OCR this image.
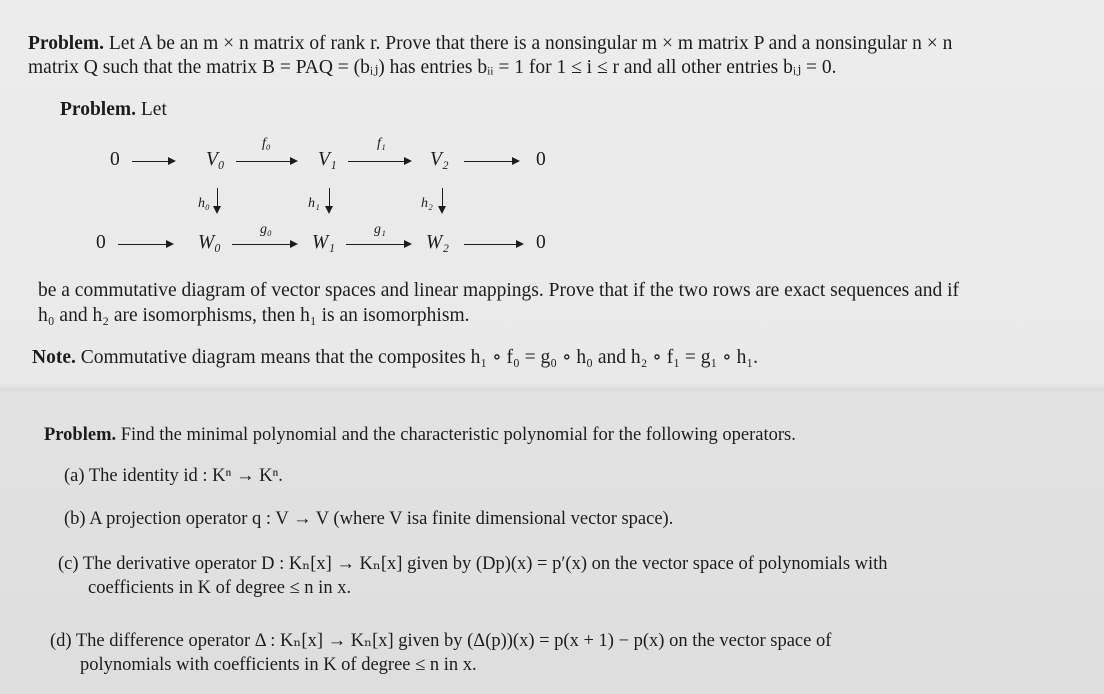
Problem. Let A be an m × n matrix of rank r. Prove that there is a nonsingular m × m matrix P and a nonsingular n × n
matrix Q such that the matrix B = PAQ = (bᵢⱼ) has entries bᵢᵢ = 1 for 1 ≤ i ≤ r and all other entries bᵢⱼ = 0.
Problem. Let
0	V₀
f₀
V₁
f₁
V₂	0
h₀	h₁	h₂
0	W₀
g₀
W₁
g₁
W₂	0
be a commutative diagram of vector spaces and linear mappings. Prove that if the two rows are exact sequences and if
h₀ and h₂ are isomorphisms, then h₁ is an isomorphism.
Note. Commutative diagram means that the composites h₁ ∘ f₀ = g₀ ∘ h₀ and h₂ ∘ f₁ = g₁ ∘ h₁.
Problem. Find the minimal polynomial and the characteristic polynomial for the following operators.
(a) The identity id : Kⁿ → Kⁿ.
(b) A projection operator q : V → V (where V isa finite dimensional vector space).
(c) The derivative operator D : Kₙ[x] → Kₙ[x] given by (Dp)(x) = p′(x) on the vector space of polynomials with
coefficients in K of degree ≤ n in x.
(d) The difference operator Δ : Kₙ[x] → Kₙ[x] given by (Δ(p))(x) = p(x + 1) − p(x) on the vector space of
polynomials with coefficients in K of degree ≤ n in x.
